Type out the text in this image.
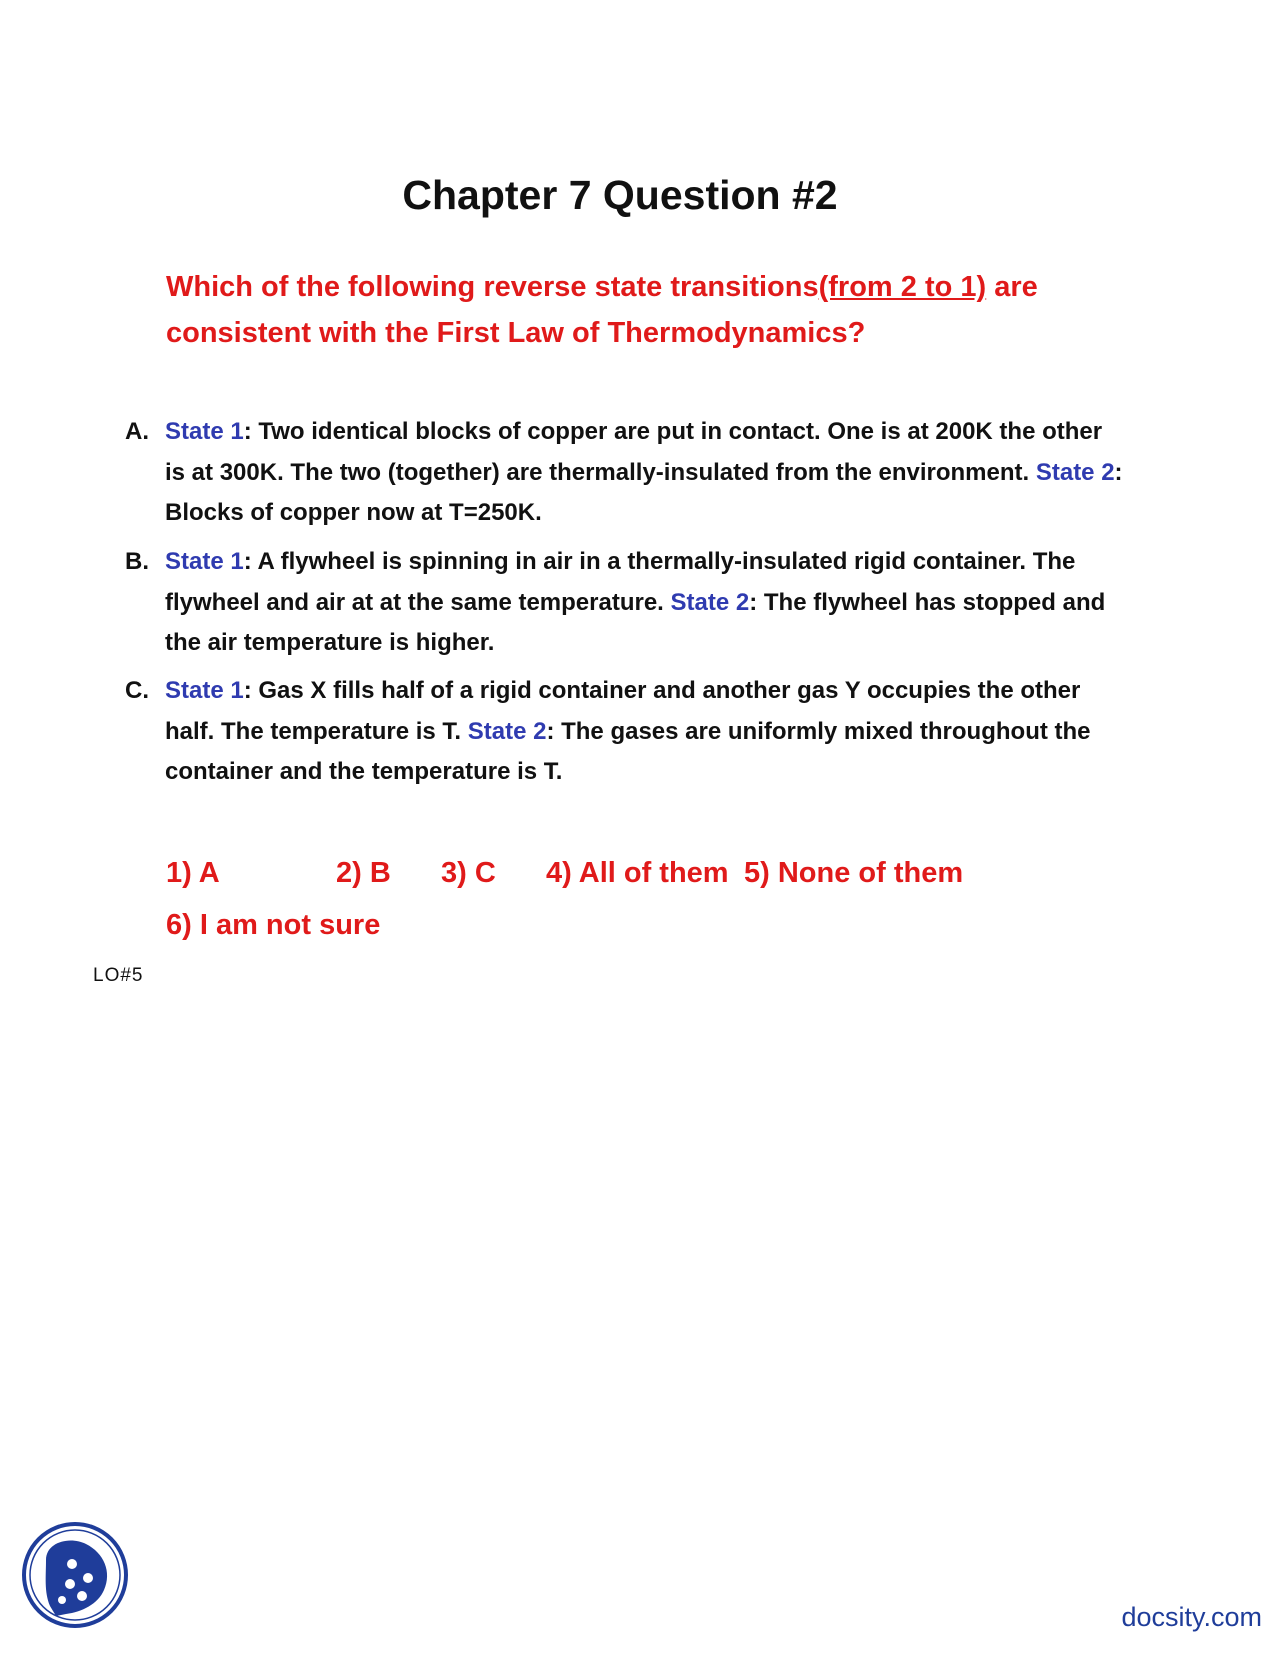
Chapter 7 Question #2
Which of the following reverse state transitions(from 2 to 1) are consistent with the First Law of Thermodynamics?
A. State 1: Two identical blocks of copper are put in contact. One is at 200K the other is at 300K. The two (together) are thermally-insulated from the environment. State 2: Blocks of copper now at T=250K.
B. State 1: A flywheel is spinning in air in a thermally-insulated rigid container. The flywheel and air at at the same temperature. State 2: The flywheel has stopped and the air temperature is higher.
C. State 1: Gas X fills half of a rigid container and another gas Y occupies the other half. The temperature is T. State 2: The gases are uniformly mixed throughout the container and the temperature is T.
1) A	2) B 3) C 4) All of them 5) None of them
6) I am not sure
LO#5
docsity.com
